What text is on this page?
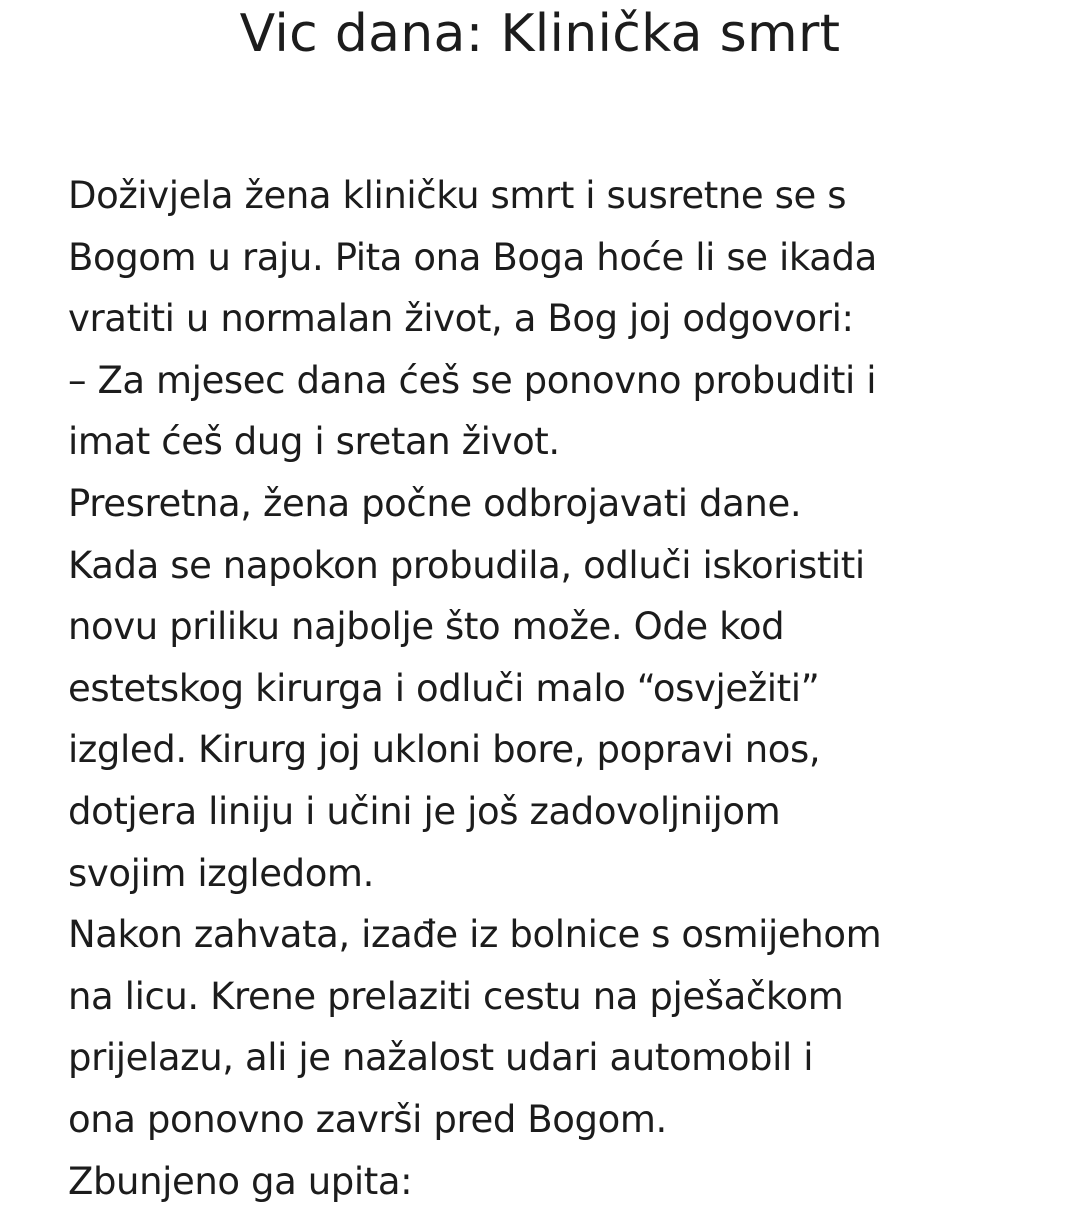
Vic dana: Klinička smrt
Doživjela žena kliničku smrt i susretne se s
Bogom u raju. Pita ona Boga hoće li se ikada
vratiti u normalan život, a Bog joj odgovori:
– Za mjesec dana ćeš se ponovno probuditi i
imat ćeš dug i sretan život.
Presretna, žena počne odbrojavati dane.
Kada se napokon probudila, odluči iskoristiti
novu priliku najbolje što može. Ode kod
estetskog kirurga i odluči malo “osvježiti”
izgled. Kirurg joj ukloni bore, popravi nos,
dotjera liniju i učini je još zadovoljnijom
svojim izgledom.
Nakon zahvata, izađe iz bolnice s osmijehom
na licu. Krene prelaziti cestu na pješačkom
prijelazu, ali je nažalost udari automobil i
ona ponovno završi pred Bogom.
Zbunjeno ga upita:
